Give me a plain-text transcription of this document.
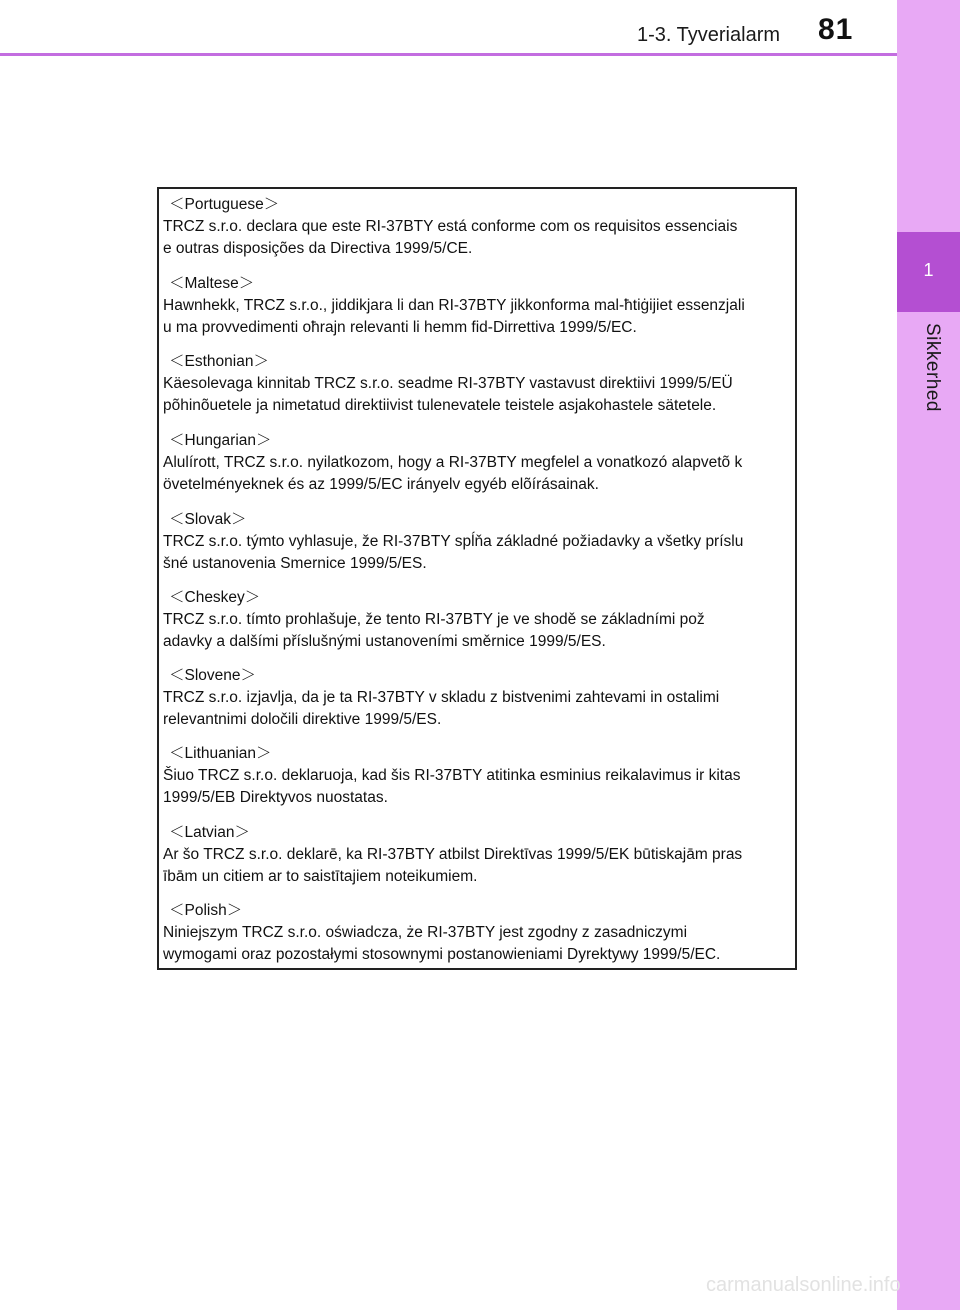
1-3. Tyverialarm 81
1
Sikkerhed
＜Portuguese＞
TRCZ s.r.o. declara que este RI-37BTY está conforme com os requisitos essenciais
e outras disposições da Directiva 1999/5/CE.
＜Maltese＞
Hawnhekk, TRCZ s.r.o., jiddikjara li dan RI-37BTY jikkonforma mal-ħtiġijiet essenzjali
u ma provvedimenti oħrajn relevanti li hemm fid-Dirrettiva 1999/5/EC.
＜Esthonian＞
Käesolevaga kinnitab TRCZ s.r.o. seadme RI-37BTY vastavust direktiivi 1999/5/EÜ
põhinõuetele ja nimetatud direktiivist tulenevatele teistele asjakohastele sätetele.
＜Hungarian＞
Alulírott, TRCZ s.r.o. nyilatkozom, hogy a RI-37BTY megfelel a vonatkozó alapvetõ k
övetelményeknek és az 1999/5/EC irányelv egyéb elõírásainak.
＜Slovak＞
TRCZ s.r.o. týmto vyhlasuje, že RI-37BTY spĺňa základné požiadavky a všetky príslu
šné ustanovenia Smernice 1999/5/ES.
＜Cheskey＞
TRCZ s.r.o. tímto prohlašuje, že tento RI-37BTY je ve shodě se základními pož
adavky a dalšími příslušnými ustanoveními směrnice 1999/5/ES.
＜Slovene＞
TRCZ s.r.o. izjavlja, da je ta RI-37BTY v skladu z bistvenimi zahtevami in ostalimi
relevantnimi določili direktive 1999/5/ES.
＜Lithuanian＞
Šiuo TRCZ s.r.o. deklaruoja, kad šis RI-37BTY atitinka esminius reikalavimus ir kitas
1999/5/EB Direktyvos nuostatas.
＜Latvian＞
Ar šo TRCZ s.r.o. deklarē, ka RI-37BTY atbilst Direktīvas 1999/5/EK būtiskajām pras
ībām un citiem ar to saistītajiem noteikumiem.
＜Polish＞
Niniejszym TRCZ s.r.o. oświadcza, że RI-37BTY jest zgodny z zasadniczymi
wymogami oraz pozostałymi stosownymi postanowieniami Dyrektywy 1999/5/EC.
carmanualsonline.info
